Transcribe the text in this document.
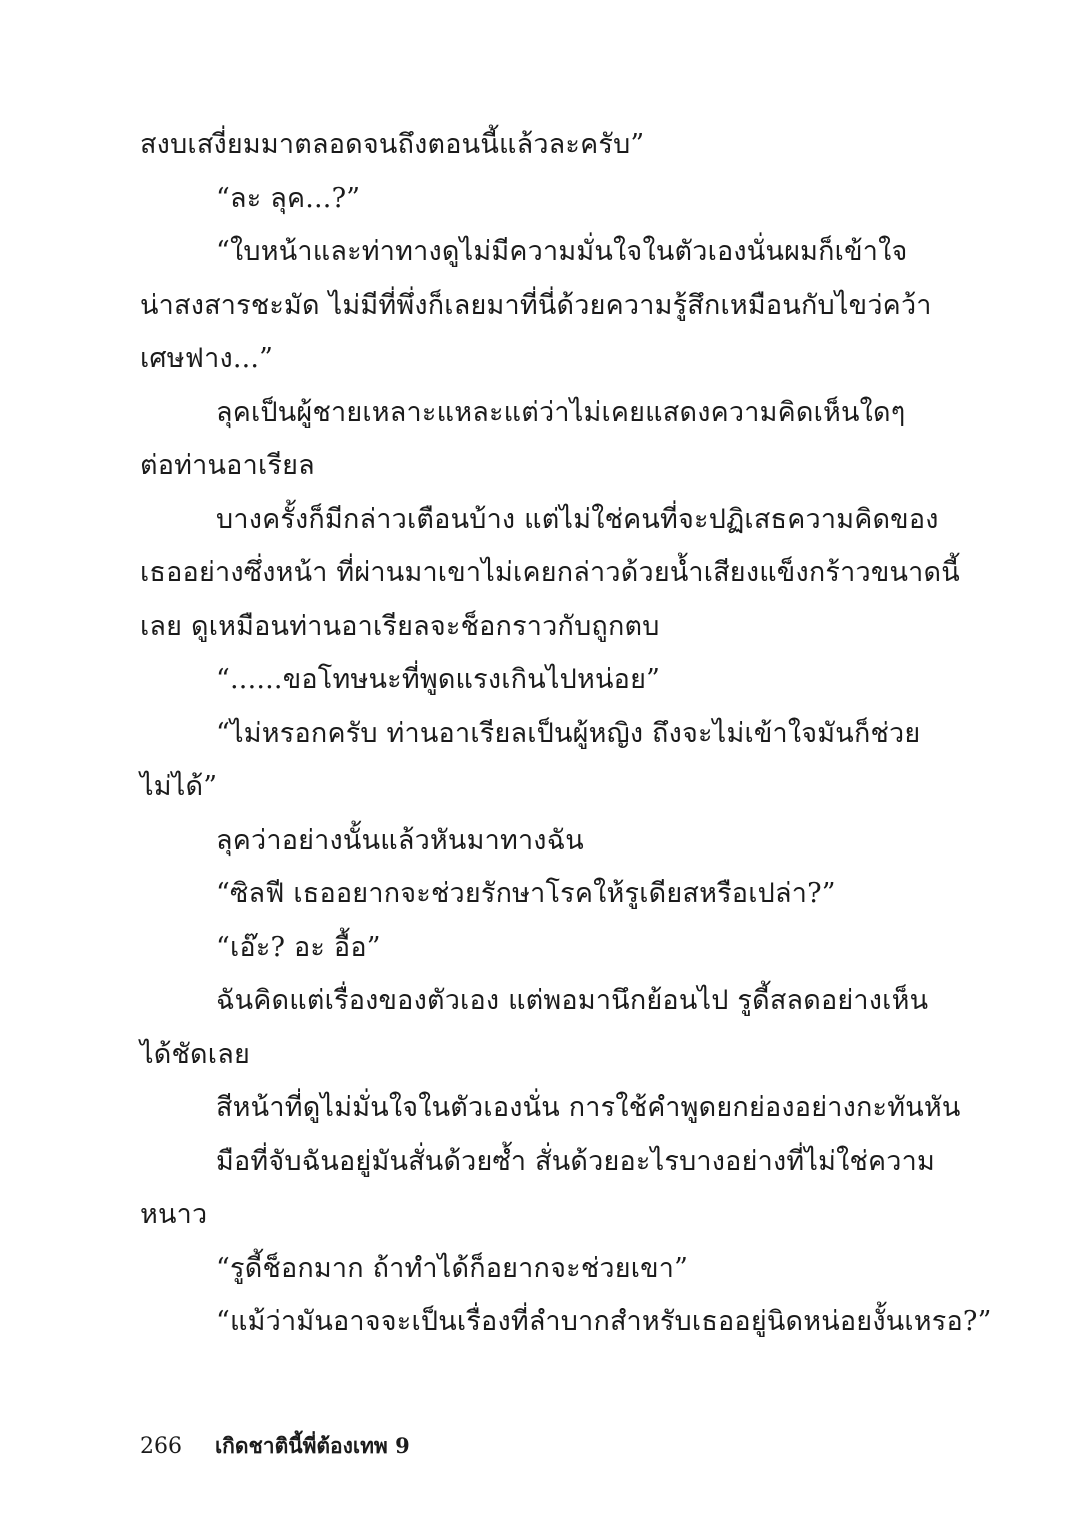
สงบเสงี่ยมมาตลอดจนถึงตอนนี้แล้วละครับ”
“ละ ลุค...?”
“ใบหน้าและท่าทางดูไม่มีความมั่นใจในตัวเองนั่นผมก็เข้าใจ
น่าสงสารชะมัด ไม่มีที่พึ่งก็เลยมาที่นี่ด้วยความรู้สึกเหมือนกับไขว่คว้า
เศษฟาง...”
ลุคเป็นผู้ชายเหลาะแหละแต่ว่าไม่เคยแสดงความคิดเห็นใดๆ
ต่อท่านอาเรียล
บางครั้งก็มีกล่าวเตือนบ้าง แต่ไม่ใช่คนที่จะปฏิเสธความคิดของ
เธออย่างซึ่งหน้า ที่ผ่านมาเขาไม่เคยกล่าวด้วยน้ำเสียงแข็งกร้าวขนาดนี้
เลย ดูเหมือนท่านอาเรียลจะช็อกราวกับถูกตบ
“......ขอโทษนะที่พูดแรงเกินไปหน่อย”
“ไม่หรอกครับ ท่านอาเรียลเป็นผู้หญิง ถึงจะไม่เข้าใจมันก็ช่วย
ไม่ได้”
ลุคว่าอย่างนั้นแล้วหันมาทางฉัน
“ซิลฟี เธออยากจะช่วยรักษาโรคให้รูเดียสหรือเปล่า?”
“เอ๊ะ? อะ อื้อ”
ฉันคิดแต่เรื่องของตัวเอง แต่พอมานึกย้อนไป รูดี้สลดอย่างเห็น
ได้ชัดเลย
สีหน้าที่ดูไม่มั่นใจในตัวเองนั่น การใช้คำพูดยกย่องอย่างกะทันหัน
มือที่จับฉันอยู่มันสั่นด้วยซ้ำ สั่นด้วยอะไรบางอย่างที่ไม่ใช่ความ
หนาว
“รูดี้ช็อกมาก ถ้าทำได้ก็อยากจะช่วยเขา”
“แม้ว่ามันอาจจะเป็นเรื่องที่ลำบากสำหรับเธออยู่นิดหน่อยงั้นเหรอ?”
266 เกิดชาตินี้พี่ต้องเทพ 9
